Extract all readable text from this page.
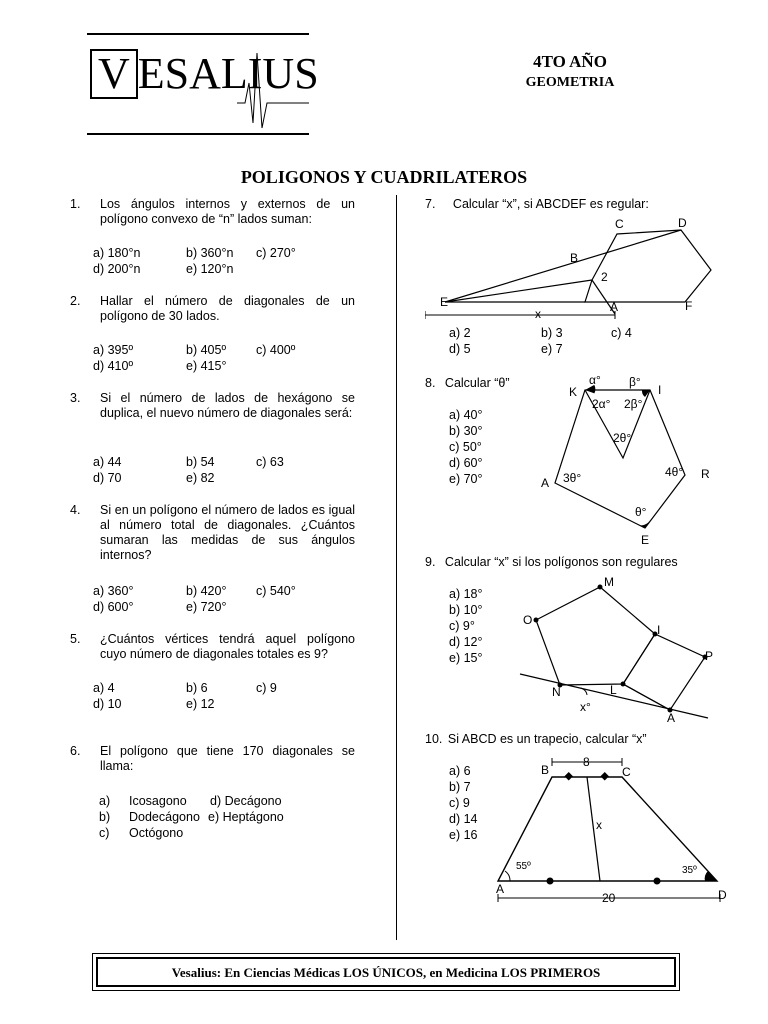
V ESALIUS	4TO AÑO
GEOMETRIA
POLIGONOS Y CUADRILATEROS
1. Los ángulos internos y externos de un polígono convexo de “n” lados suman:
a) 180°n	b) 360°n c) 270°
d) 200°n	e) 120°n
2. Hallar el número de diagonales de un polígono de 30 lados.
a) 395º	b) 405º c) 400º
d) 410º	e) 415°
3. Si el número de lados de hexágono se duplica, el nuevo número de diagonales será:
a) 44	b) 54	c) 63
d) 70	e) 82
4. Si en un polígono el número de lados es igual al número total de diagonales. ¿Cuántos sumaran las medidas de sus ángulos internos?
a) 360°	b) 420° c) 540°
d) 600°	e) 720°
5. ¿Cuántos vértices tendrá aquel polígono cuyo número de diagonales totales es 9?
a) 4	b) 6	c) 9
d) 10	e) 12
6. El polígono que tiene 170 diagonales se llama:
a) Icosagono d) Decágono
b) Dodecágono e) Heptágono
c) Octógono
7. Calcular “x”, si ABCDEF es regular:
C	D
B
E	A	F
2
x
a) 2	b) 3	c) 4
d) 5	e) 7
8. Calcular “θ”
a) 40°
b) 30°
c) 50°
d) 60°
e) 70°
K	I
A
R
E
α° β°
2α° 2β°
2θ°
3θ°	4θ°
θ°
9. Calcular “x” si los polígonos son regulares
a) 18°
b) 10°
c) 9°
d) 12°
e) 15°
M
O
I
P
N	L
A
x°
10. Si ABCD es un trapecio, calcular “x”
a) 6
b) 7
c) 9
d) 14
e) 16
B	C
A	D
8
20
x
55º	35º
Vesalius: En Ciencias Médicas LOS ÚNICOS, en Medicina LOS PRIMEROS
